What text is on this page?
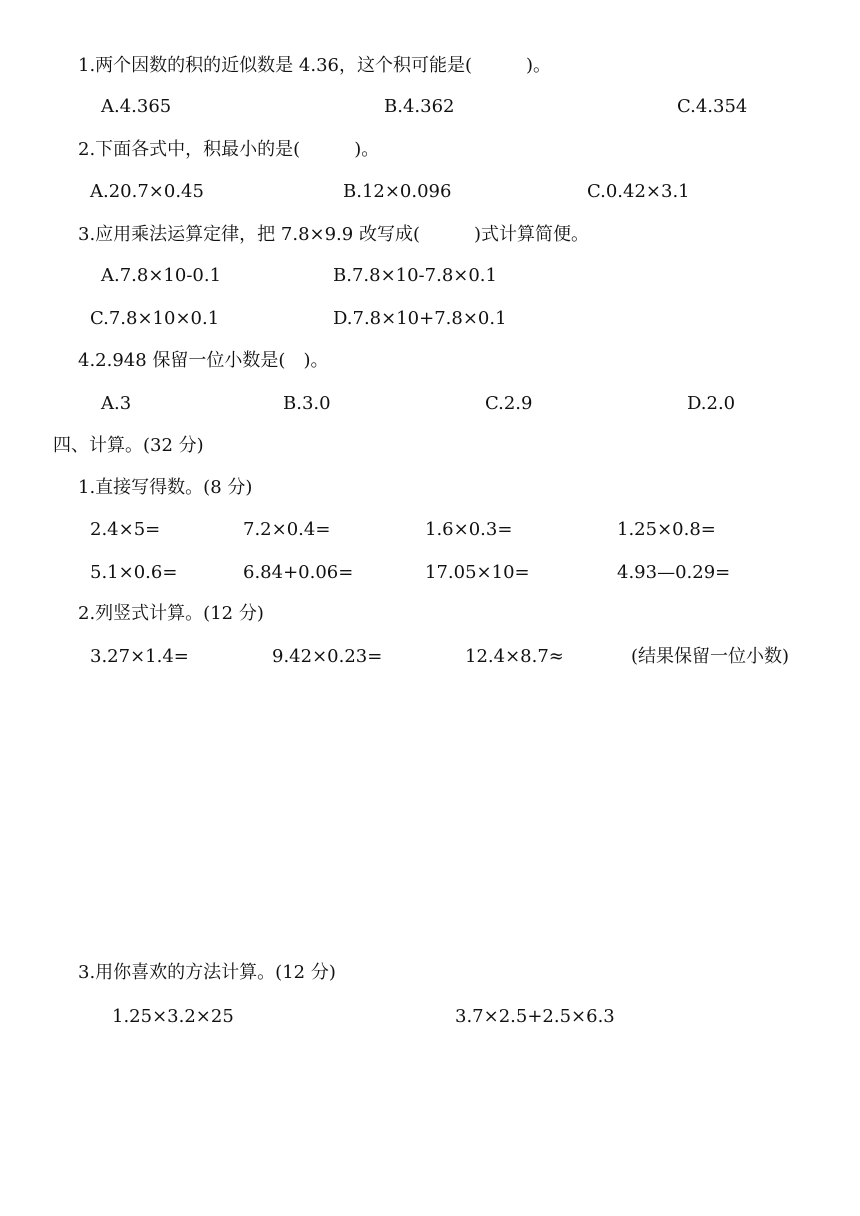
1.两个因数的积的近似数是 4.36，这个积可能是(　　　)。
A.4.365	B.4.362	C.4.354
2.下面各式中，积最小的是(　　　)。
A.20.7×0.45	B.12×0.096	C.0.42×3.1
3.应用乘法运算定律，把 7.8×9.9 改写成(　　　)式计算简便。
A.7.8×10-0.1	B.7.8×10-7.8×0.1
C.7.8×10×0.1	D.7.8×10+7.8×0.1
4.2.948 保留一位小数是(　)。
A.3	B.3.0	C.2.9	D.2.0
四、计算。(32 分)
1.直接写得数。(8 分)
2.4×5=	7.2×0.4=	1.6×0.3=	1.25×0.8=
5.1×0.6=	6.84+0.06=	17.05×10=	4.93—0.29=
2.列竖式计算。(12 分)
3.27×1.4=	9.42×0.23=	12.4×8.7≈	(结果保留一位小数)
3.用你喜欢的方法计算。(12 分)
1.25×3.2×25	3.7×2.5+2.5×6.3
